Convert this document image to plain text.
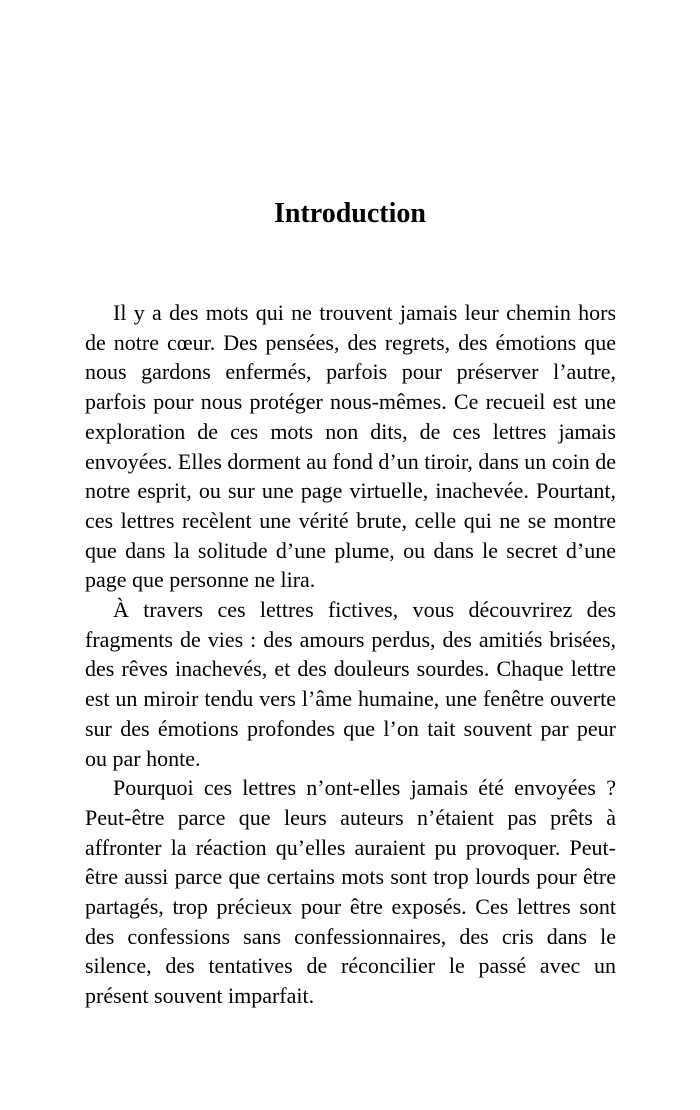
Introduction

Il y a des mots qui ne trouvent jamais leur chemin hors de notre cœur. Des pensées, des regrets, des émotions que nous gardons enfermés, parfois pour préserver l’autre, parfois pour nous protéger nous-mêmes. Ce recueil est une exploration de ces mots non dits, de ces lettres jamais envoyées. Elles dorment au fond d’un tiroir, dans un coin de notre esprit, ou sur une page virtuelle, inachevée. Pourtant, ces lettres recèlent une vérité brute, celle qui ne se montre que dans la solitude d’une plume, ou dans le secret d’une page que personne ne lira.

À travers ces lettres fictives, vous découvrirez des fragments de vies : des amours perdus, des amitiés brisées, des rêves inachevés, et des douleurs sourdes. Chaque lettre est un miroir tendu vers l’âme humaine, une fenêtre ouverte sur des émotions profondes que l’on tait souvent par peur ou par honte.

Pourquoi ces lettres n’ont-elles jamais été envoyées ? Peut-être parce que leurs auteurs n’étaient pas prêts à affronter la réaction qu’elles auraient pu provoquer. Peut-être aussi parce que certains mots sont trop lourds pour être partagés, trop précieux pour être exposés. Ces lettres sont des confessions sans confessionnaires, des cris dans le silence, des tentatives de réconcilier le passé avec un présent souvent imparfait.
